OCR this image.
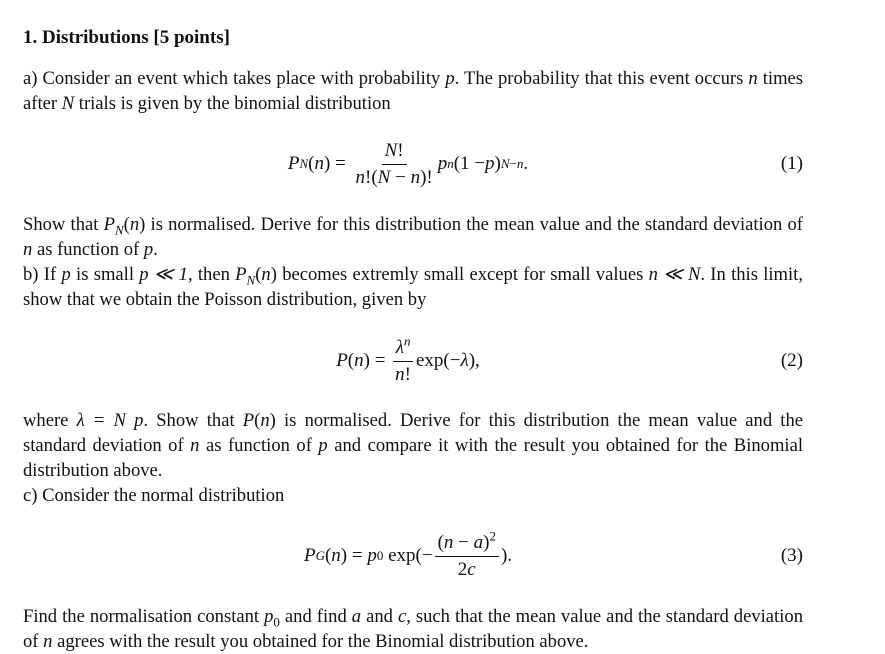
1. Distributions [5 points]

a) Consider an event which takes place with probability p. The probability that this event occurs n times after N trials is given by the binomial distribution

P N ( n ) = $\frac{N!}{n!(N - n)!}$ p n (1 − p ) N−n .	(1)

Show that $P_N(n)$ is normalised. Derive for this distribution the mean value and the standard deviation of n as function of p.

b) If p is small p ≪ 1, then $P_N(n)$ becomes extremly small except for small values n ≪ N. In this limit, show that we obtain the Poisson distribution, given by

P ( n ) = $\frac{\lambda^n}{n!} \exp(- \lambda$ ),	(2)

where λ = N p. Show that P(n) is normalised. Derive for this distribution the mean value and the standard deviation of n as function of p and compare it with the result you obtained for the Binomial distribution above.

c) Consider the normal distribution

P G ( n ) = p 0 $\exp(- \frac{(n - a)^2}{2c}$ ).	(3)

Find the normalisation constant $p_0$ and find a and c, such that the mean value and the standard deviation of n agrees with the result you obtained for the Binomial distribution above.
